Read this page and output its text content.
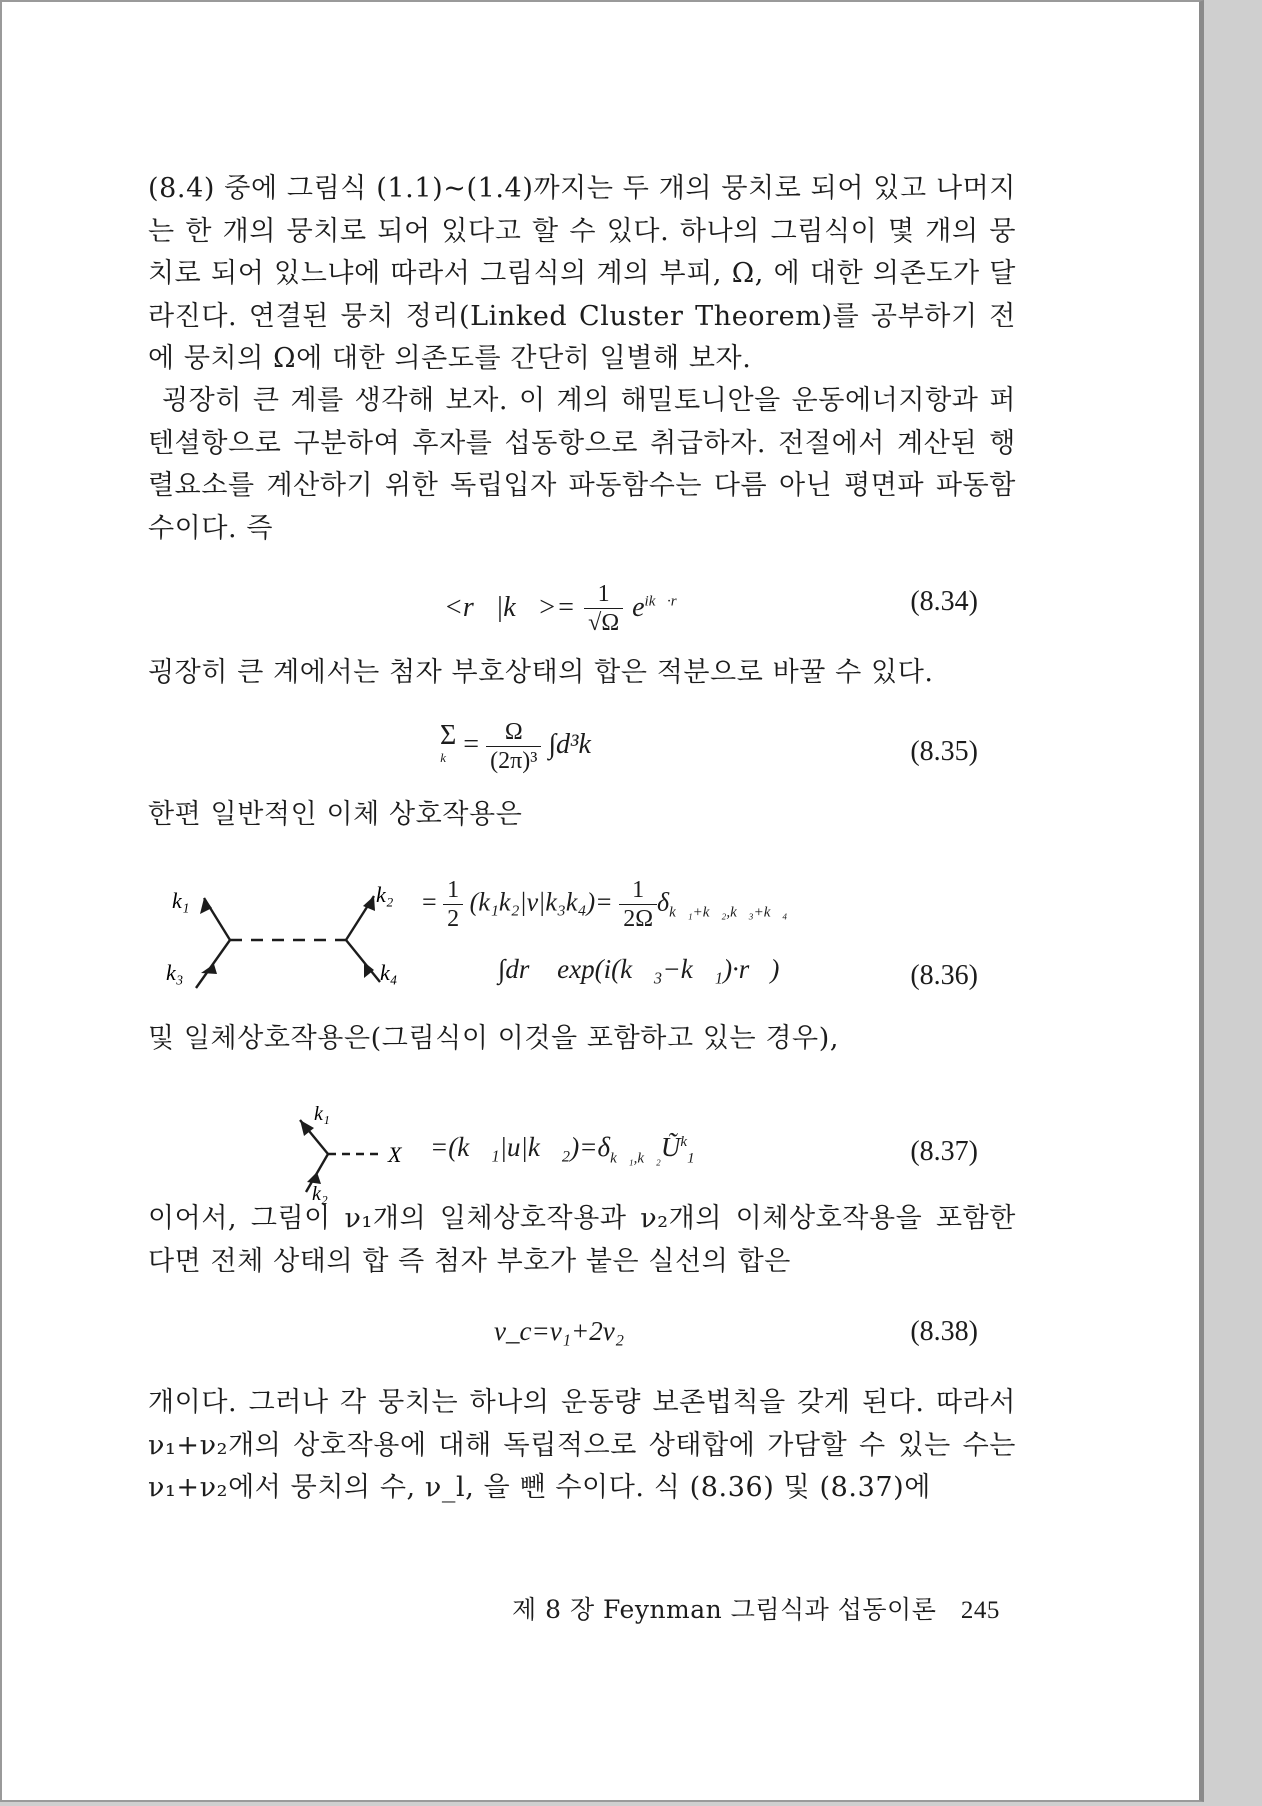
(8.4) 중에 그림식 (1.1)~(1.4)까지는 두 개의 뭉치로 되어 있고 나머지는 한 개의 뭉치로 되어 있다고 할 수 있다. 하나의 그림식이 몇 개의 뭉치로 되어 있느냐에 따라서 그림식의 계의 부피, Ω, 에 대한 의존도가 달라진다. 연결된 뭉치 정리(Linked Cluster Theorem)를 공부하기 전에 뭉치의 Ω에 대한 의존도를 간단히 일별해 보자.

굉장히 큰 계를 생각해 보자. 이 계의 해밀토니안을 운동에너지항과 퍼텐셜항으로 구분하여 후자를 섭동항으로 취급하자. 전절에서 계산된 행렬요소를 계산하기 위한 독립입자 파동함수는 다름 아닌 평면파 파동함수이다. 즉

<r⃗|k⃗>= $\frac{1}{√\Omega} e^{ik⃗\cdot r⃗}$	(8.34)

굉장히 큰 계에서는 첨자 부호상태의 합은 적분으로 바꿀 수 있다.

Σ
k⃗ = $\frac{\Omega}{\text{(2π)³}}$ ∫d³k⃗	(8.35)

한편 일반적인 이체 상호작용은

k₁	k₂
k₃	k₄
= $\frac{1}{2} (k_1k_2|v|k_3k_4)= \frac{1}{2\Omega} \delta_{k⃗_1+k⃗_2,k⃗_3+k⃗_4}$
∫dr⃗ exp(i(k⃗₃−k⃗₁)·r⃗)	(8.36)

및 일체상호작용은(그림식이 이것을 포함하고 있는 경우),

k₁
k₂
$X =(k⃗_1|u|k⃗_2)=\delta_{k⃗_1,k⃗_2}Ũ^k_1$	(8.37)

이어서, 그림이 ν₁개의 일체상호작용과 ν₂개의 이체상호작용을 포함한다면 전체 상태의 합 즉 첨자 부호가 붙은 실선의 합은

ν_c=ν₁+2ν₂	(8.38)

개이다. 그러나 각 뭉치는 하나의 운동량 보존법칙을 갖게 된다. 따라서 ν₁+ν₂개의 상호작용에 대해 독립적으로 상태합에 가담할 수 있는 수는 ν₁+ν₂에서 뭉치의 수, ν_l, 을 뺀 수이다. 식 (8.36) 및 (8.37)에

제 8 장 Feynman 그림식과 섭동이론 245
